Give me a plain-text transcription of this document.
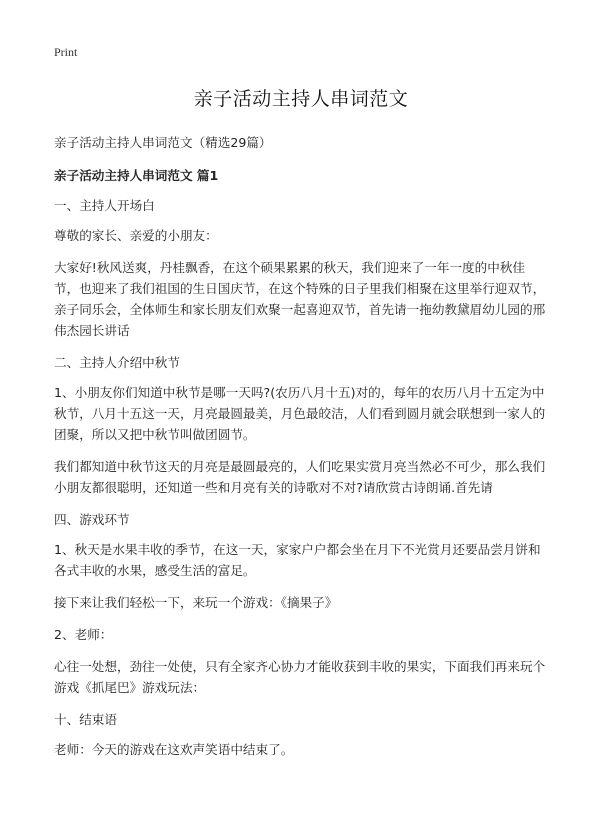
Print
亲子活动主持人串词范文

亲子活动主持人串词范文（精选29篇）

亲子活动主持人串词范文 篇1

一、主持人开场白

尊敬的家长、亲爱的小朋友：

大家好!秋风送爽，丹桂飘香，在这个硕果累累的秋天，我们迎来了一年一度的中秋佳节，也迎来了我们祖国的生日国庆节，在这个特殊的日子里我们相聚在这里举行迎双节，亲子同乐会，全体师生和家长朋友们欢聚一起喜迎双节，首先请一拖幼教黛眉幼儿园的邢伟杰园长讲话

二、主持人介绍中秋节

1、小朋友你们知道中秋节是哪一天吗?(农历八月十五)对的，每年的农历八月十五定为中秋节，八月十五这一天，月亮最圆最美，月色最皎洁，人们看到圆月就会联想到一家人的团聚，所以又把中秋节叫做团圆节。

我们都知道中秋节这天的月亮是最圆最亮的，人们吃果实赏月亮当然必不可少，那么我们小朋友都很聪明，还知道一些和月亮有关的诗歌对不对?请欣赏古诗朗诵.首先请

四、游戏环节

1、秋天是水果丰收的季节，在这一天，家家户户都会坐在月下不光赏月还要品尝月饼和各式丰收的水果，感受生活的富足。

接下来让我们轻松一下，来玩一个游戏：《摘果子》

2、老师：

心往一处想，劲往一处使，只有全家齐心协力才能收获到丰收的果实，下面我们再来玩个游戏《抓尾巴》游戏玩法：

十、结束语

老师：今天的游戏在这欢声笑语中结束了。
